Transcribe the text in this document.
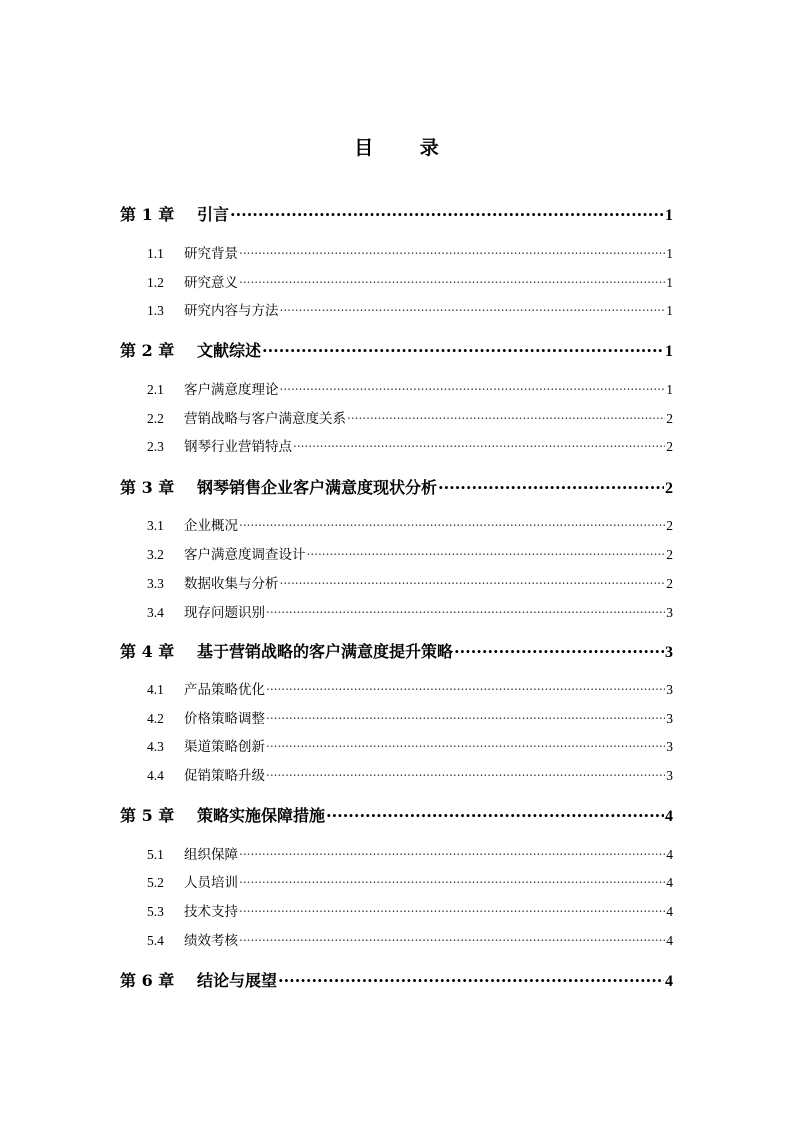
目 录
第 1 章	引言 .....	1
1.1	研究背景 .....	1
1.2	研究意义 .....	1
1.3	研究内容与方法 .....	1
第 2 章	文献综述 .....	1
2.1	客户满意度理论 .....	1
2.2	营销战略与客户满意度关系 .....	2
2.3	钢琴行业营销特点 .....	2
第 3 章	钢琴销售企业客户满意度现状分析 .....	2
3.1	企业概况 .....	2
3.2	客户满意度调查设计 .....	2
3.3	数据收集与分析 .....	2
3.4	现存问题识别 .....	3
第 4 章	基于营销战略的客户满意度提升策略 .....	3
4.1	产品策略优化 .....	3
4.2	价格策略调整 .....	3
4.3	渠道策略创新 .....	3
4.4	促销策略升级 .....	3
第 5 章	策略实施保障措施 .....	4
5.1	组织保障 .....	4
5.2	人员培训 .....	4
5.3	技术支持 .....	4
5.4	绩效考核 .....	4
第 6 章	结论与展望 .....	4
